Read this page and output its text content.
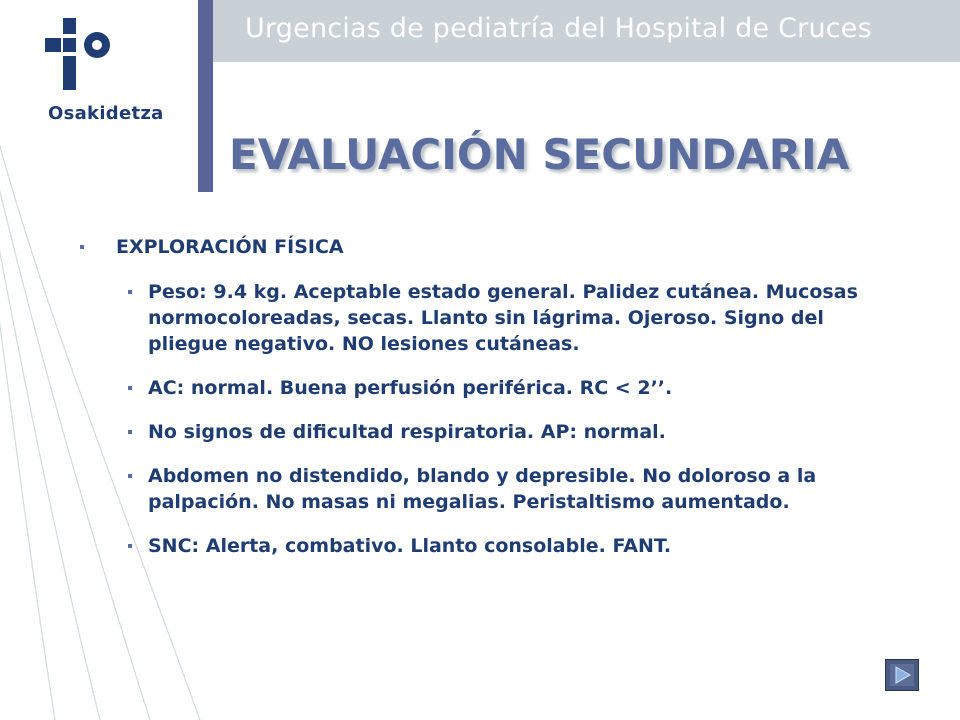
Urgencias de pediatría del Hospital de Cruces
Osakidetza
EVALUACIÓN SECUNDARIA
EXPLORACIÓN FÍSICA
Peso: 9.4 kg. Aceptable estado general. Palidez cutánea. Mucosas normocoloreadas, secas. Llanto sin lágrima. Ojeroso. Signo del pliegue negativo. NO lesiones cutáneas.
AC: normal. Buena perfusión periférica. RC < 2’’.
No signos de dificultad respiratoria. AP: normal.
Abdomen no distendido, blando y depresible. No doloroso a la palpación. No masas ni megalias. Peristaltismo aumentado.
SNC: Alerta, combativo. Llanto consolable. FANT.
